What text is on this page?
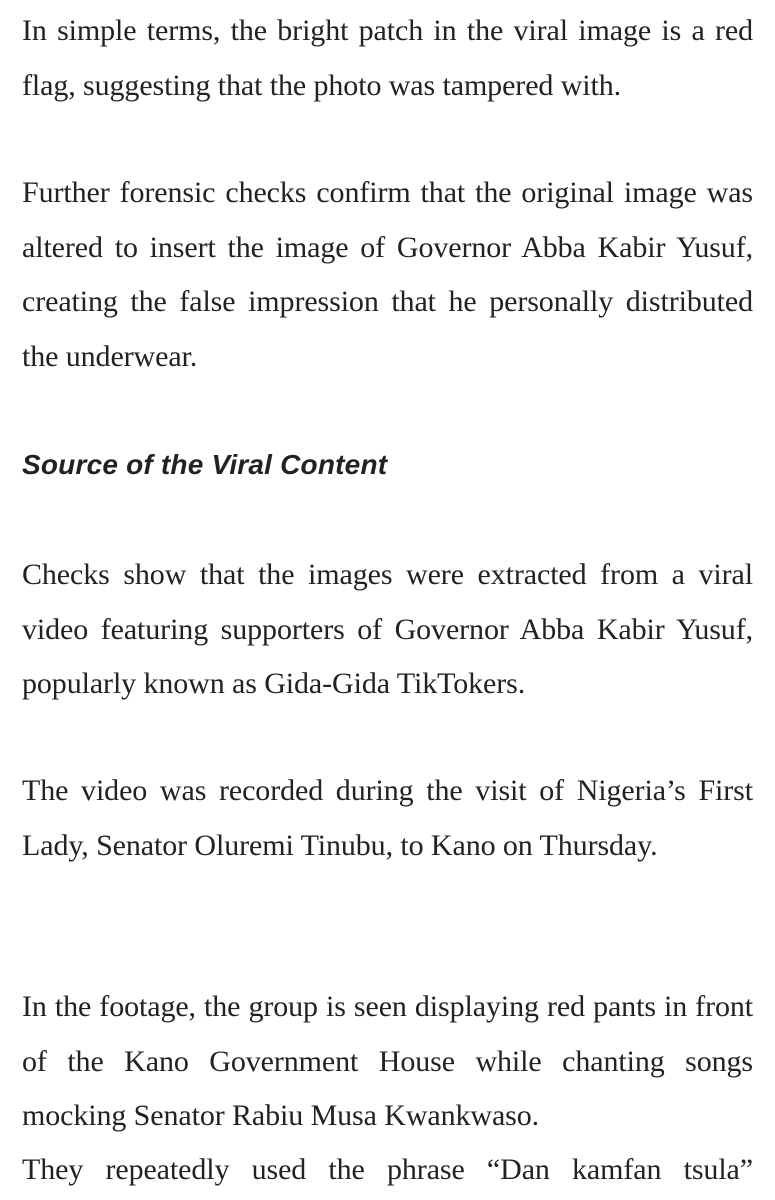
In simple terms, the bright patch in the viral image is a red flag, suggesting that the photo was tampered with.

Further forensic checks confirm that the original image was altered to insert the image of Governor Abba Kabir Yusuf, creating the false impression that he personally distributed the underwear.

Source of the Viral Content

Checks show that the images were extracted from a viral video featuring supporters of Governor Abba Kabir Yusuf, popularly known as Gida-Gida TikTokers.

The video was recorded during the visit of Nigeria’s First Lady, Senator Oluremi Tinubu, to Kano on Thursday.

In the footage, the group is seen displaying red pants in front of the Kano Government House while chanting songs mocking Senator Rabiu Musa Kwankwaso.

They repeatedly used the phrase “Dan kamfan tsula”
